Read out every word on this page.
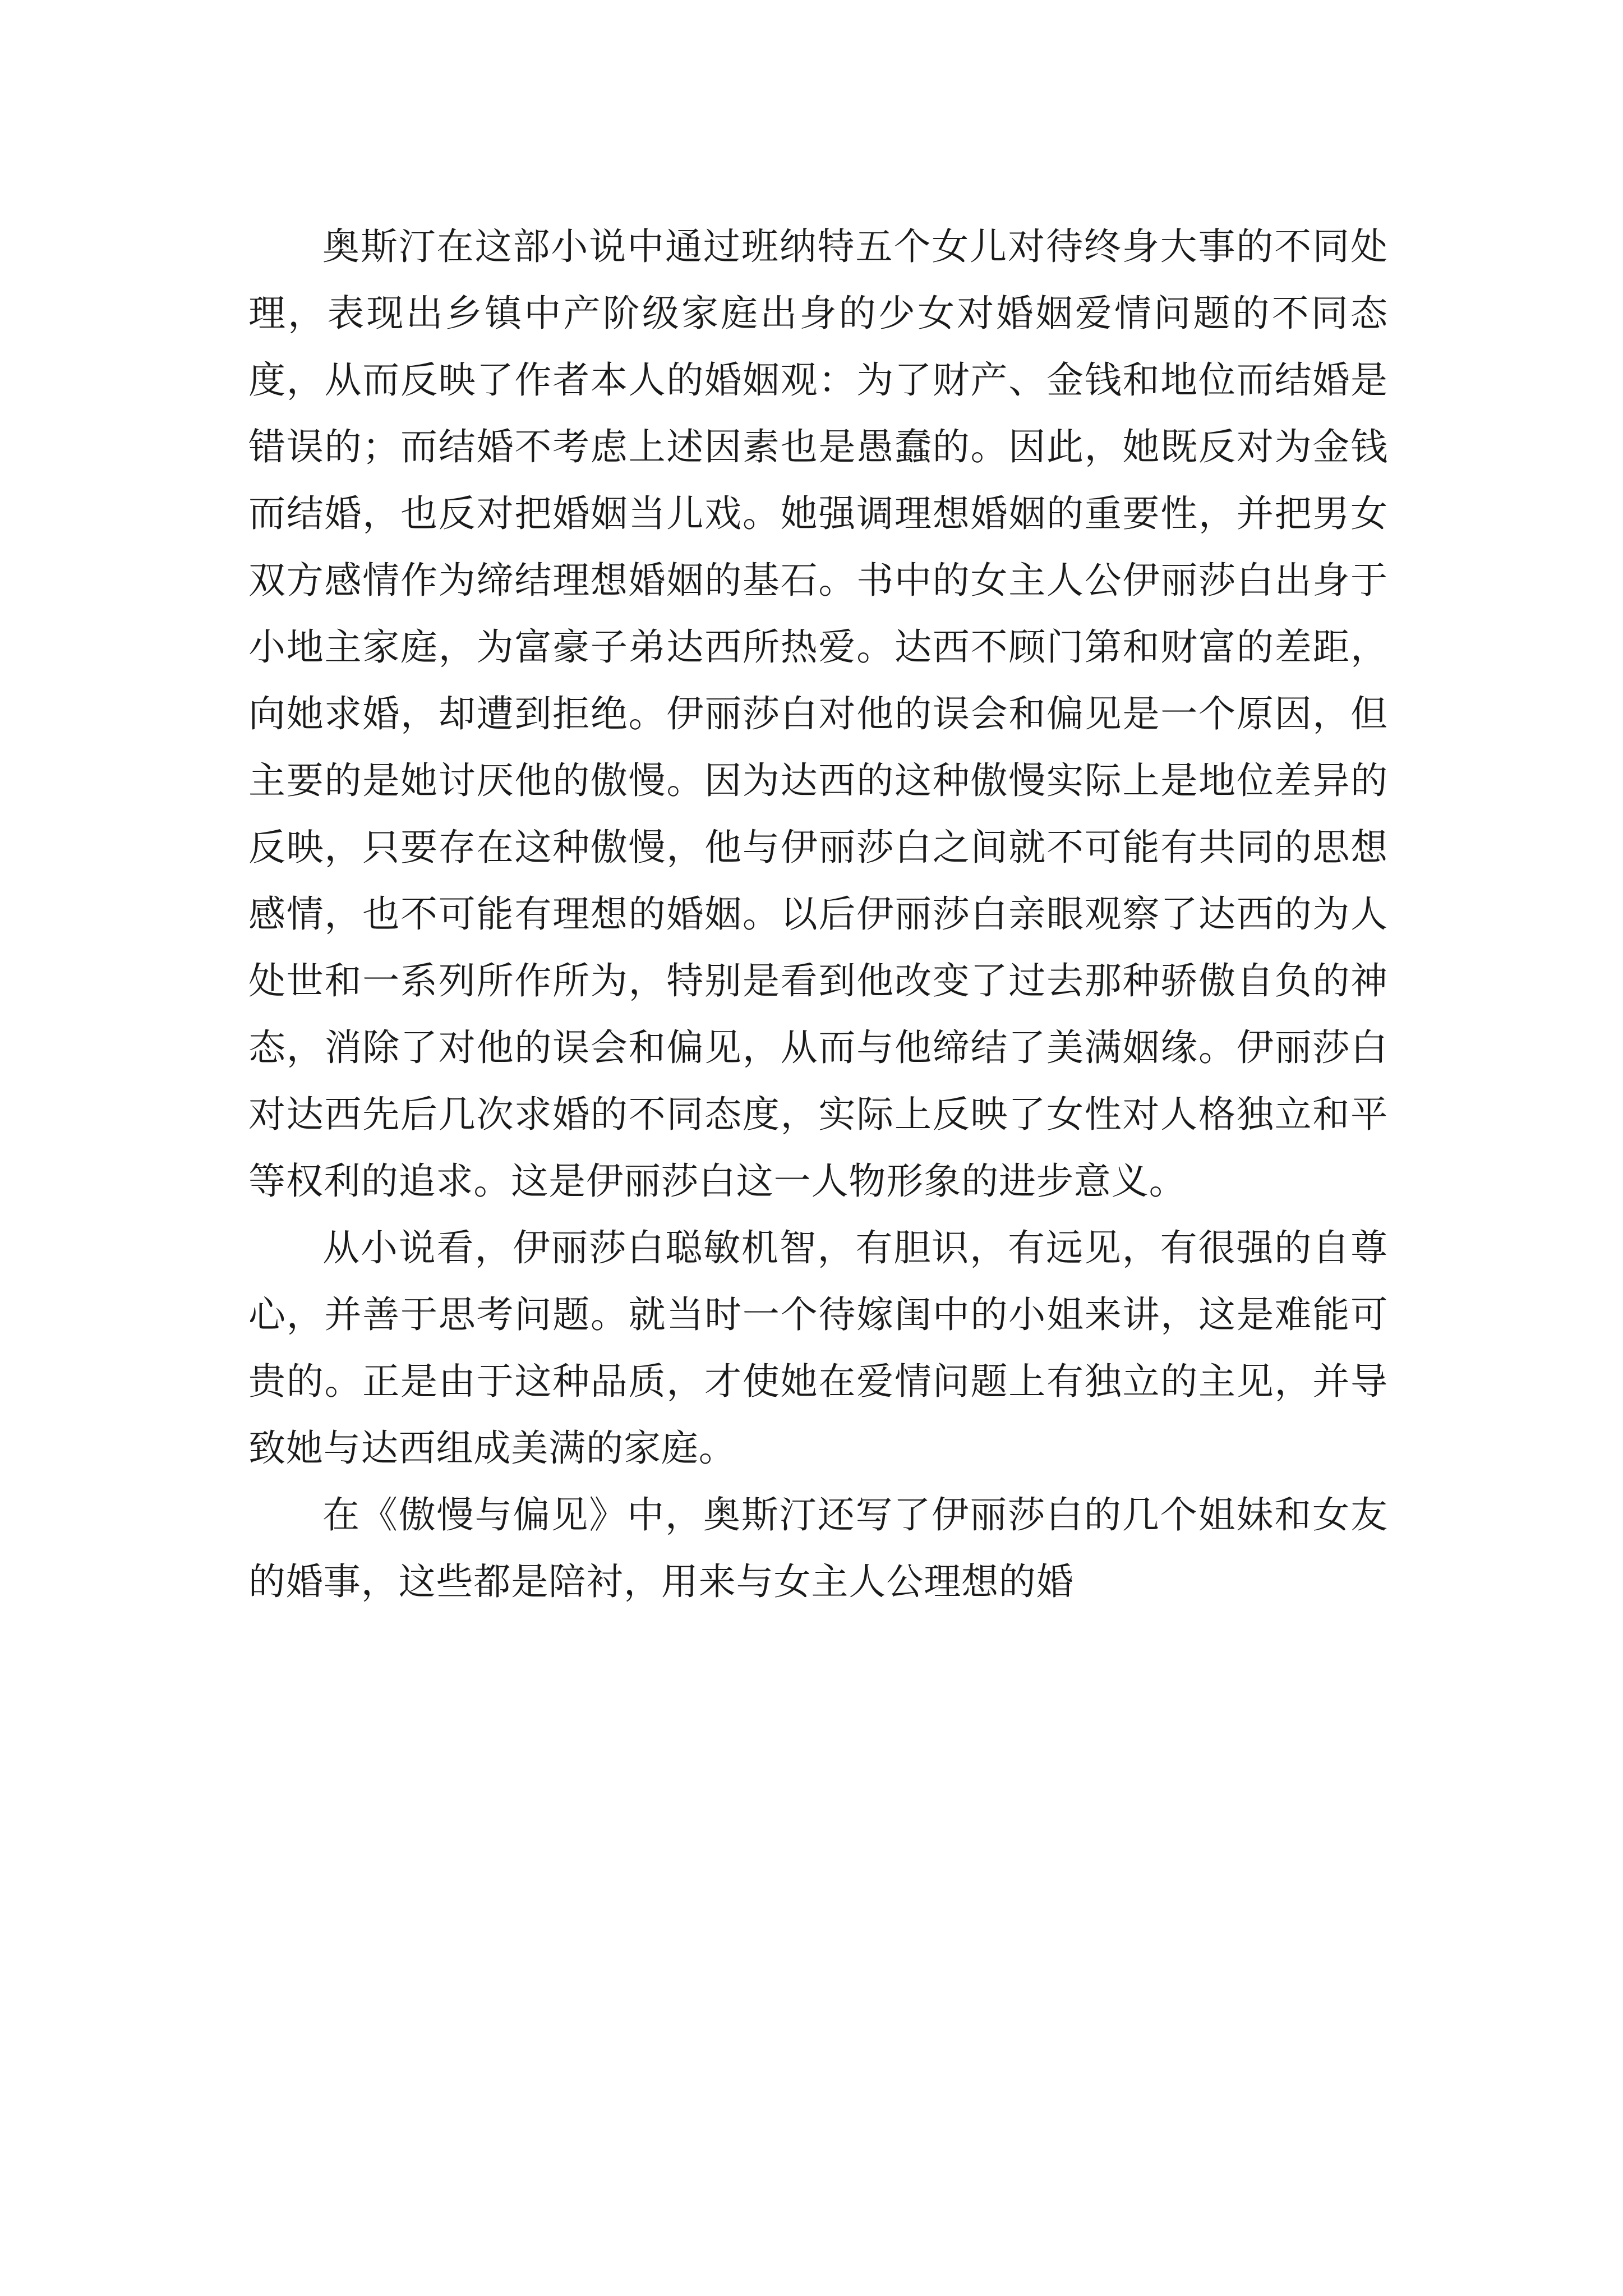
奥斯汀在这部小说中通过班纳特五个女儿对待终身大事的不同处理，表现出乡镇中产阶级家庭出身的少女对婚姻爱情问题的不同态度，从而反映了作者本人的婚姻观：为了财产、金钱和地位而结婚是错误的；而结婚不考虑上述因素也是愚蠢的。因此，她既反对为金钱而结婚，也反对把婚姻当儿戏。她强调理想婚姻的重要性，并把男女双方感情作为缔结理想婚姻的基石。书中的女主人公伊丽莎白出身于小地主家庭，为富豪子弟达西所热爱。达西不顾门第和财富的差距，向她求婚，却遭到拒绝。伊丽莎白对他的误会和偏见是一个原因，但主要的是她讨厌他的傲慢。因为达西的这种傲慢实际上是地位差异的反映，只要存在这种傲慢，他与伊丽莎白之间就不可能有共同的思想感情，也不可能有理想的婚姻。以后伊丽莎白亲眼观察了达西的为人处世和一系列所作所为，特别是看到他改变了过去那种骄傲自负的神态，消除了对他的误会和偏见，从而与他缔结了美满姻缘。伊丽莎白对达西先后几次求婚的不同态度，实际上反映了女性对人格独立和平等权利的追求。这是伊丽莎白这一人物形象的进步意义。

从小说看，伊丽莎白聪敏机智，有胆识，有远见，有很强的自尊心，并善于思考问题。就当时一个待嫁闺中的小姐来讲，这是难能可贵的。正是由于这种品质，才使她在爱情问题上有独立的主见，并导致她与达西组成美满的家庭。

在《傲慢与偏见》中，奥斯汀还写了伊丽莎白的几个姐妹和女友的婚事，这些都是陪衬，用来与女主人公理想的婚
